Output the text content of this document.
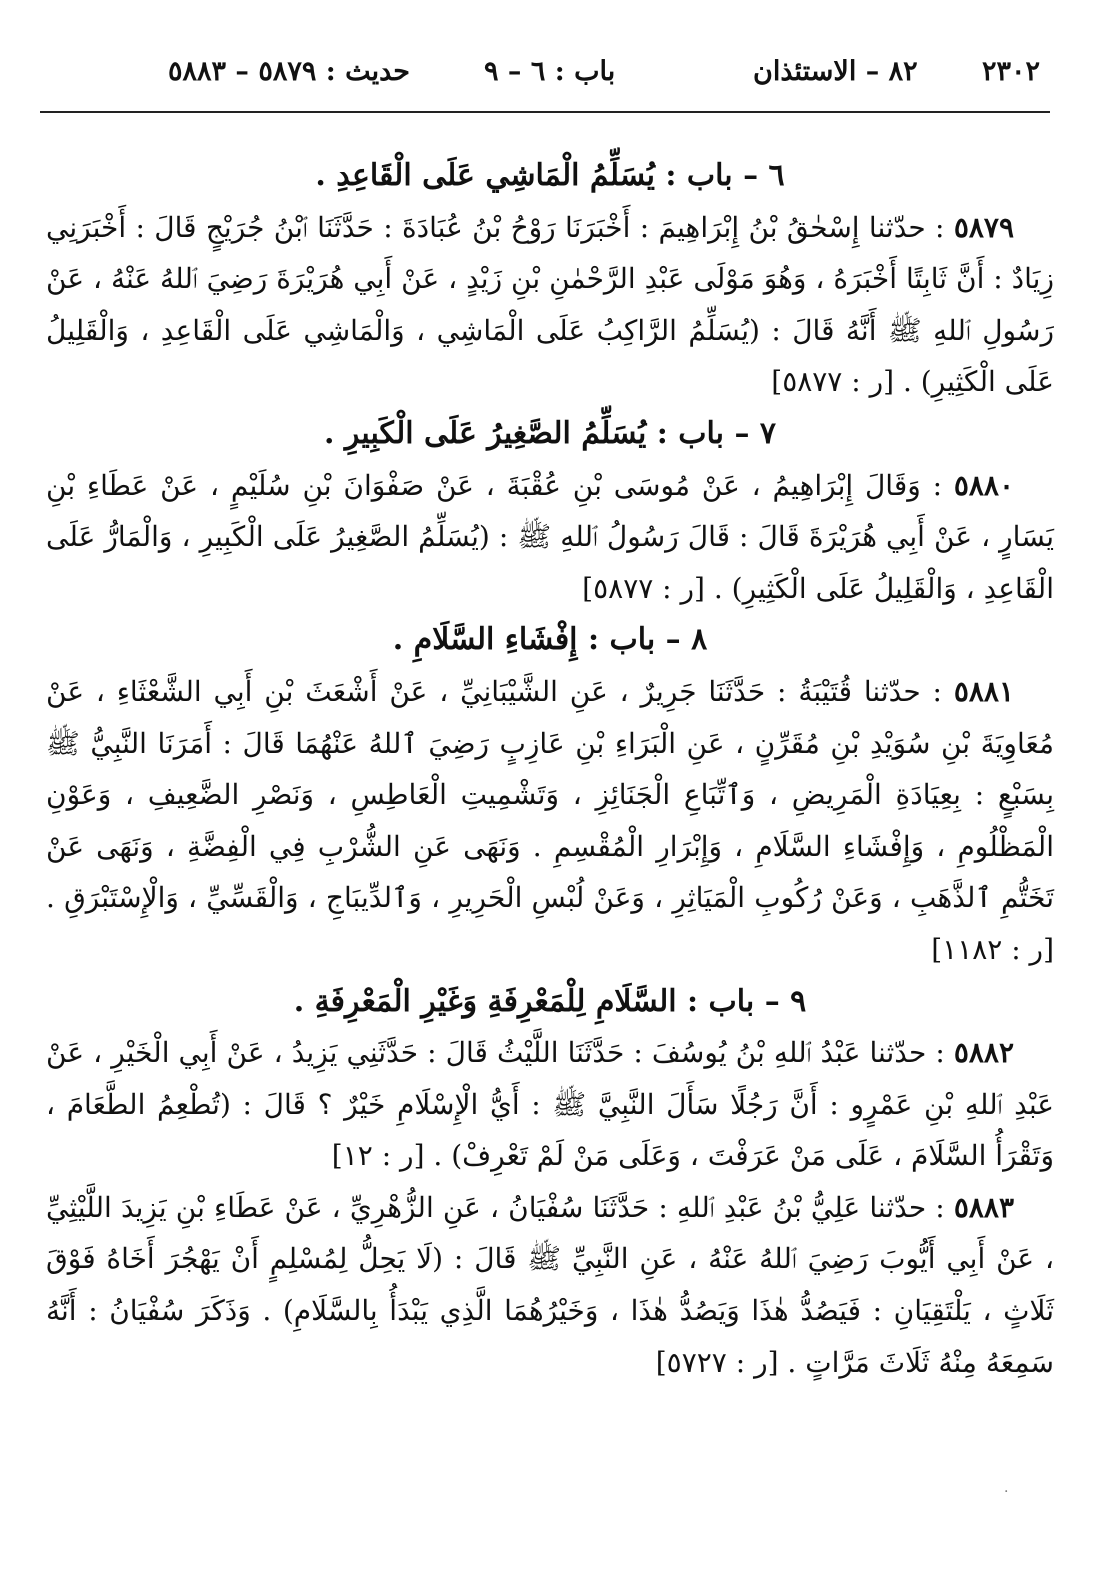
حديث : ٥٨٧٩ – ٥٨٨٣	باب : ٦ – ٩	٨٢ – الاستئذان ٢٣٠٢
٦ – باب : يُسَلِّمُ الْمَاشِي عَلَى الْقَاعِدِ .

٥٨٧٩ : حدّثنا إِسْحٰقُ بْنُ إِبْرَاهِيمَ : أَخْبَرَنَا رَوْحُ بْنُ عُبَادَةَ : حَدَّثَنَا ٱبْنُ جُرَيْجٍ قَالَ : أَخْبَرَنِي زِيَادٌ : أَنَّ ثَابِتًا أَخْبَرَهُ ، وَهُوَ مَوْلَى عَبْدِ الرَّحْمٰنِ بْنِ زَيْدٍ ، عَنْ أَبِي هُرَيْرَةَ رَضِيَ ٱللهُ عَنْهُ ، عَنْ رَسُولِ ٱللهِ ﷺ أَنَّهُ قَالَ : (يُسَلِّمُ الرَّاكِبُ عَلَى الْمَاشِي ، وَالْمَاشِي عَلَى الْقَاعِدِ ، وَالْقَلِيلُ عَلَى الْكَثِيرِ) . [ر : ٥٨٧٧]

٧ – باب : يُسَلِّمُ الصَّغِيرُ عَلَى الْكَبِيرِ .

٥٨٨٠ : وَقَالَ إِبْرَاهِيمُ ، عَنْ مُوسَى بْنِ عُقْبَةَ ، عَنْ صَفْوَانَ بْنِ سُلَيْمٍ ، عَنْ عَطَاءِ بْنِ يَسَارٍ ، عَنْ أَبِي هُرَيْرَةَ قَالَ : قَالَ رَسُولُ ٱللهِ ﷺ : (يُسَلِّمُ الصَّغِيرُ عَلَى الْكَبِيرِ ، وَالْمَارُّ عَلَى الْقَاعِدِ ، وَالْقَلِيلُ عَلَى الْكَثِيرِ) . [ر : ٥٨٧٧]

٨ – باب : إِفْشَاءِ السَّلَامِ .

٥٨٨١ : حدّثنا قُتَيْبَةُ : حَدَّثَنَا جَرِيرٌ ، عَنِ الشَّيْبَانِيِّ ، عَنْ أَشْعَثَ بْنِ أَبِي الشَّعْثَاءِ ، عَنْ مُعَاوِيَةَ بْنِ سُوَيْدِ بْنِ مُقَرِّنٍ ، عَنِ الْبَرَاءِ بْنِ عَازِبٍ رَضِيَ ٱللهُ عَنْهُمَا قَالَ : أَمَرَنَا النَّبِيُّ ﷺ بِسَبْعٍ : بِعِيَادَةِ الْمَرِيضِ ، وَٱتِّبَاعِ الْجَنَائِزِ ، وَتَشْمِيتِ الْعَاطِسِ ، وَنَصْرِ الضَّعِيفِ ، وَعَوْنِ الْمَظْلُومِ ، وَإِفْشَاءِ السَّلَامِ ، وَإِبْرَارِ الْمُقْسِمِ . وَنَهَى عَنِ الشُّرْبِ فِي الْفِضَّةِ ، وَنَهَى عَنْ تَخَتُّمِ ٱلذَّهَبِ ، وَعَنْ رُكُوبِ الْمَيَاثِرِ ، وَعَنْ لُبْسِ الْحَرِيرِ ، وَٱلدِّيبَاجِ ، وَالْقَسِّيِّ ، وَالْإِسْتَبْرَقِ . [ر : ١١٨٢]

٩ – باب : السَّلَامِ لِلْمَعْرِفَةِ وَغَيْرِ الْمَعْرِفَةِ .

٥٨٨٢ : حدّثنا عَبْدُ ٱللهِ بْنُ يُوسُفَ : حَدَّثَنَا اللَّيْثُ قَالَ : حَدَّثَنِي يَزِيدُ ، عَنْ أَبِي الْخَيْرِ ، عَنْ عَبْدِ ٱللهِ بْنِ عَمْرٍو : أَنَّ رَجُلًا سَأَلَ النَّبِيَّ ﷺ : أَيُّ الْإِسْلَامِ خَيْرٌ ؟ قَالَ : (تُطْعِمُ الطَّعَامَ ، وَتَقْرَأُ السَّلَامَ ، عَلَى مَنْ عَرَفْتَ ، وَعَلَى مَنْ لَمْ تَعْرِفْ) . [ر : ١٢]

٥٨٨٣ : حدّثنا عَلِيُّ بْنُ عَبْدِ ٱللهِ : حَدَّثَنَا سُفْيَانُ ، عَنِ الزُّهْرِيِّ ، عَنْ عَطَاءِ بْنِ يَزِيدَ اللَّيْثِيِّ ، عَنْ أَبِي أَيُّوبَ رَضِيَ ٱللهُ عَنْهُ ، عَنِ النَّبِيِّ ﷺ قَالَ : (لَا يَحِلُّ لِمُسْلِمٍ أَنْ يَهْجُرَ أَخَاهُ فَوْقَ ثَلَاثٍ ، يَلْتَقِيَانِ : فَيَصُدُّ هٰذَا وَيَصُدُّ هٰذَا ، وَخَيْرُهُمَا الَّذِي يَبْدَأُ بِالسَّلَامِ) . وَذَكَرَ سُفْيَانُ : أَنَّهُ سَمِعَهُ مِنْهُ ثَلَاثَ مَرَّاتٍ . [ر : ٥٧٢٧]

·
